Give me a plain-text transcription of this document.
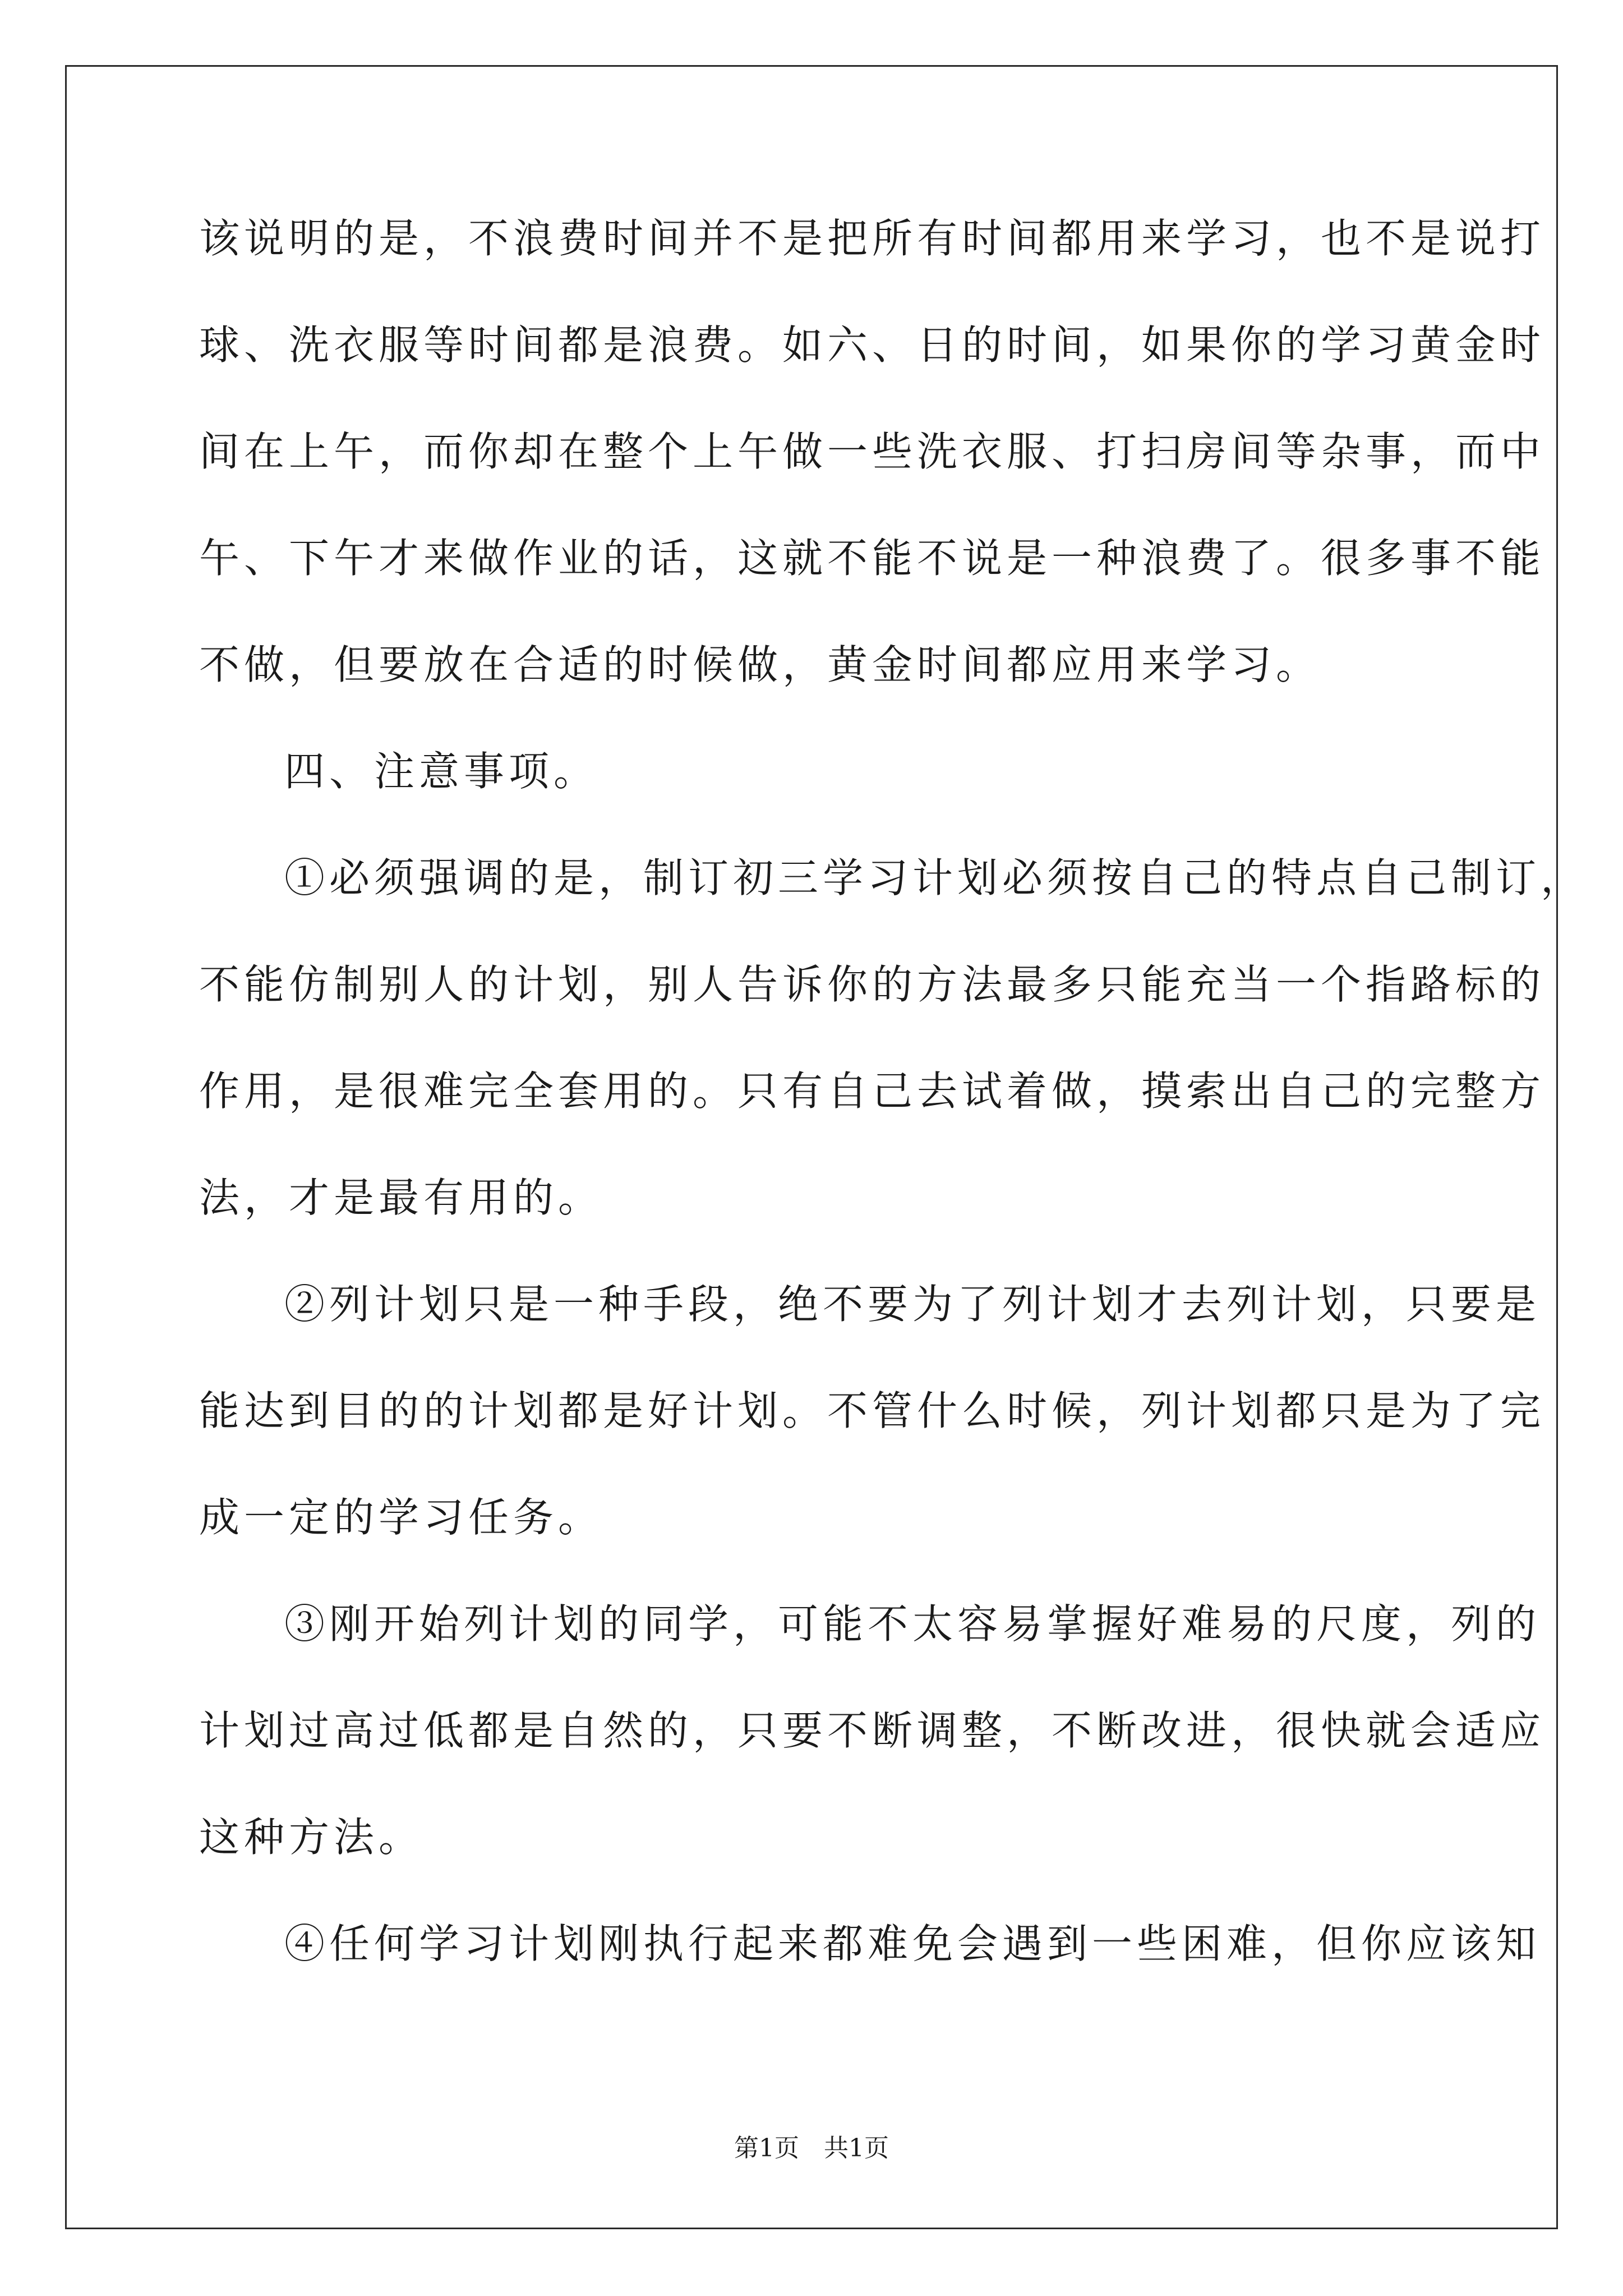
该说明的是，不浪费时间并不是把所有时间都用来学习，也不是说打
球、洗衣服等时间都是浪费。如六、日的时间，如果你的学习黄金时
间在上午，而你却在整个上午做一些洗衣服、打扫房间等杂事，而中
午、下午才来做作业的话，这就不能不说是一种浪费了。很多事不能
不做，但要放在合适的时候做，黄金时间都应用来学习。
四、注意事项。
①必须强调的是，制订初三学习计划必须按自己的特点自己制订，
不能仿制别人的计划，别人告诉你的方法最多只能充当一个指路标的
作用，是很难完全套用的。只有自己去试着做，摸索出自己的完整方
法，才是最有用的。
②列计划只是一种手段，绝不要为了列计划才去列计划，只要是
能达到目的的计划都是好计划。不管什么时候，列计划都只是为了完
成一定的学习任务。
③刚开始列计划的同学，可能不太容易掌握好难易的尺度，列的
计划过高过低都是自然的，只要不断调整，不断改进，很快就会适应
这种方法。
④任何学习计划刚执行起来都难免会遇到一些困难，但你应该知
第1页 共1页
